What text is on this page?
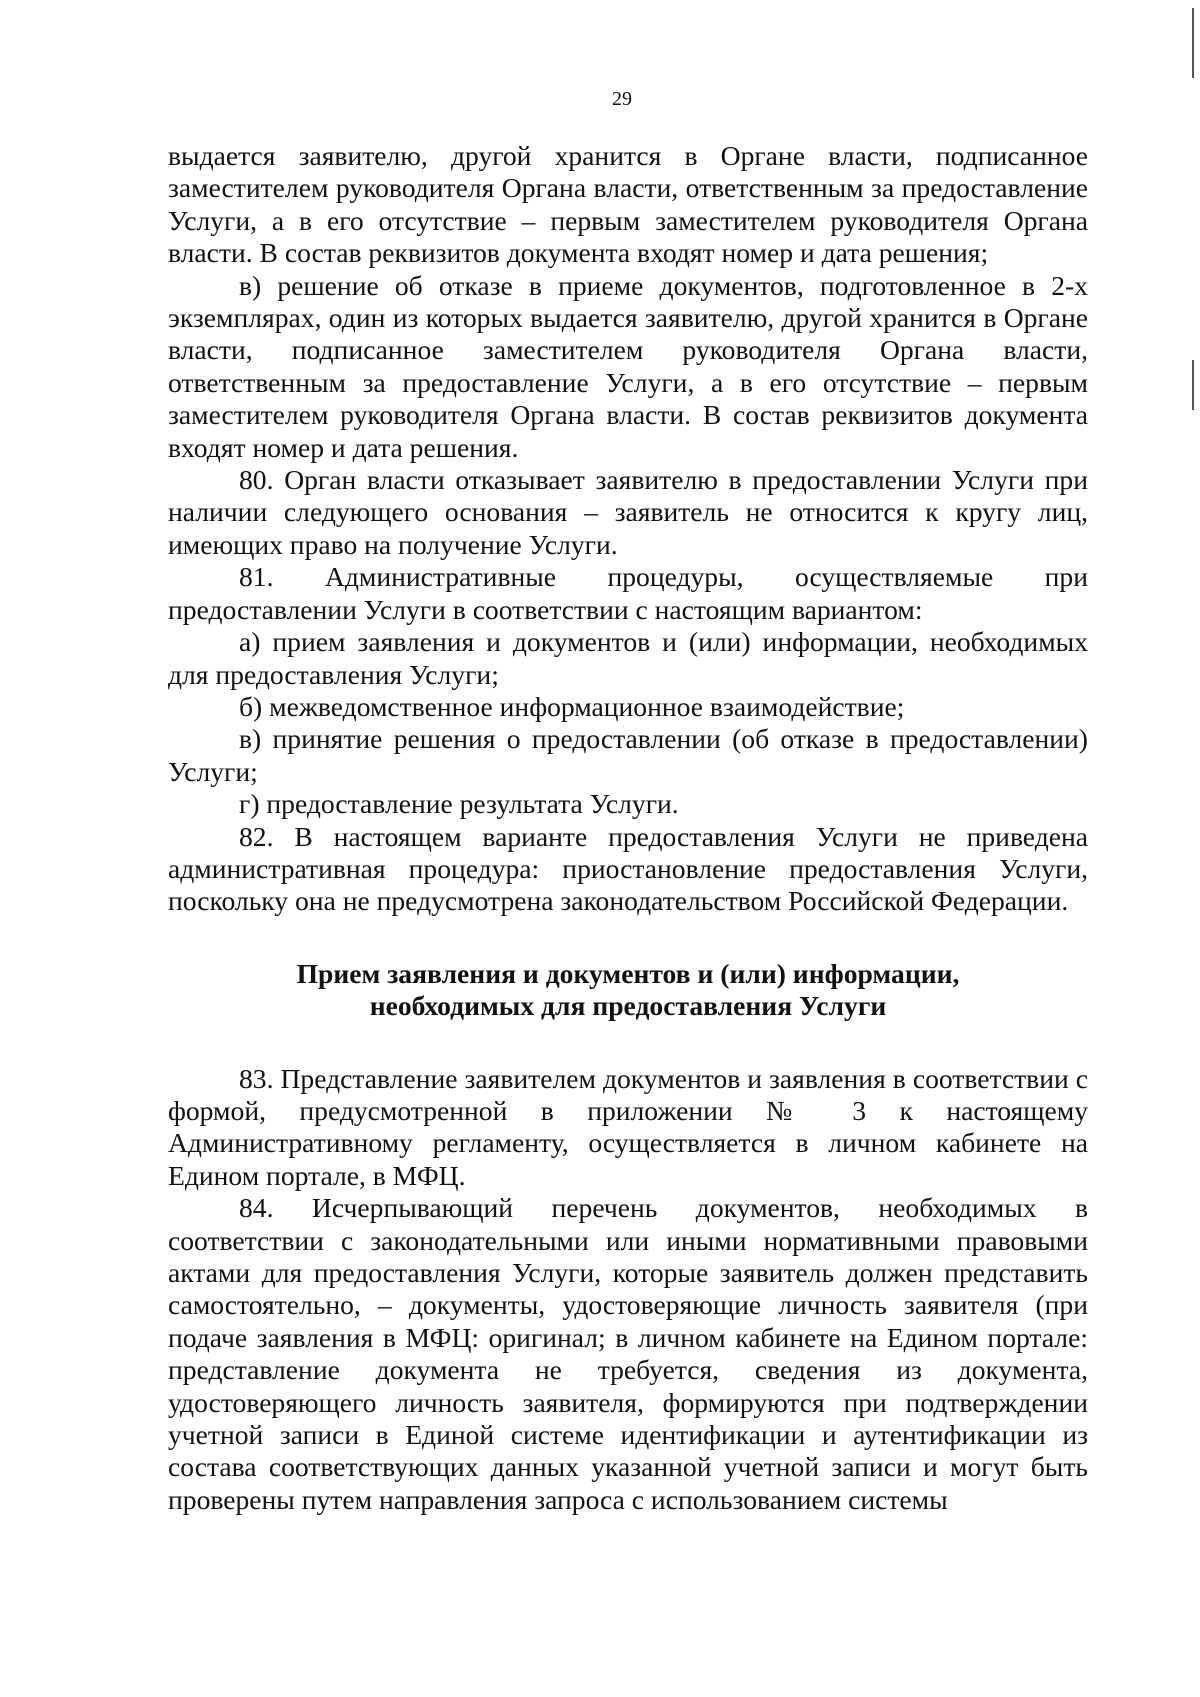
29

выдается заявителю, другой хранится в Органе власти, подписанное заместителем руководителя Органа власти, ответственным за предоставление Услуги, а в его отсутствие – первым заместителем руководителя Органа власти. В состав реквизитов документа входят номер и дата решения;

в) решение об отказе в приеме документов, подготовленное в 2-х экземплярах, один из которых выдается заявителю, другой хранится в Органе власти, подписанное заместителем руководителя Органа власти, ответственным за предоставление Услуги, а в его отсутствие – первым заместителем руководителя Органа власти. В состав реквизитов документа входят номер и дата решения.

80. Орган власти отказывает заявителю в предоставлении Услуги при наличии следующего основания – заявитель не относится к кругу лиц, имеющих право на получение Услуги.

81. Административные процедуры, осуществляемые при предоставлении Услуги в соответствии с настоящим вариантом:

а) прием заявления и документов и (или) информации, необходимых для предоставления Услуги;

б) межведомственное информационное взаимодействие;

в) принятие решения о предоставлении (об отказе в предоставлении) Услуги;

г) предоставление результата Услуги.

82. В настоящем варианте предоставления Услуги не приведена административная процедура: приостановление предоставления Услуги, поскольку она не предусмотрена законодательством Российской Федерации.

Прием заявления и документов и (или) информации,
необходимых для предоставления Услуги

83. Представление заявителем документов и заявления в соответствии с формой, предусмотренной в приложении № 3 к настоящему Административному регламенту, осуществляется в личном кабинете на Едином портале, в МФЦ.

84. Исчерпывающий перечень документов, необходимых в соответствии с законодательными или иными нормативными правовыми актами для предоставления Услуги, которые заявитель должен представить самостоятельно, – документы, удостоверяющие личность заявителя (при подаче заявления в МФЦ: оригинал; в личном кабинете на Едином портале: представление документа не требуется, сведения из документа, удостоверяющего личность заявителя, формируются при подтверждении учетной записи в Единой системе идентификации и аутентификации из состава соответствующих данных указанной учетной записи и могут быть проверены путем направления запроса с использованием системы
